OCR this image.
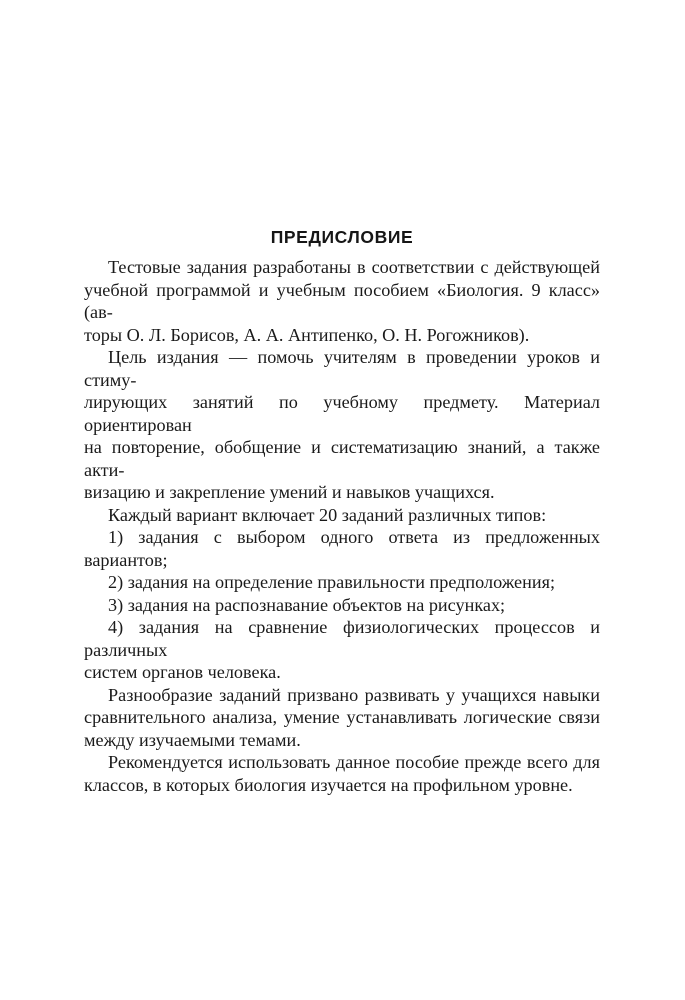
ПРЕДИСЛОВИЕ

Тестовые задания разработаны в соответствии с действующей
учебной программой и учебным пособием «Биология. 9 класс» (ав-
торы О. Л. Борисов, А. А. Антипенко, О. Н. Рогожников).

Цель издания — помочь учителям в проведении уроков и стиму-
лирующих занятий по учебному предмету. Материал ориентирован
на повторение, обобщение и систематизацию знаний, а также акти-
визацию и закрепление умений и навыков учащихся.

Каждый вариант включает 20 заданий различных типов:

1) задания с выбором одного ответа из предложенных вариантов;
2) задания на определение правильности предположения;
3) задания на распознавание объектов на рисунках;
4) задания на сравнение физиологических процессов и различных
систем органов человека.

Разнообразие заданий призвано развивать у учащихся навыки
сравнительного анализа, умение устанавливать логические связи
между изучаемыми темами.

Рекомендуется использовать данное пособие прежде всего для
классов, в которых биология изучается на профильном уровне.
